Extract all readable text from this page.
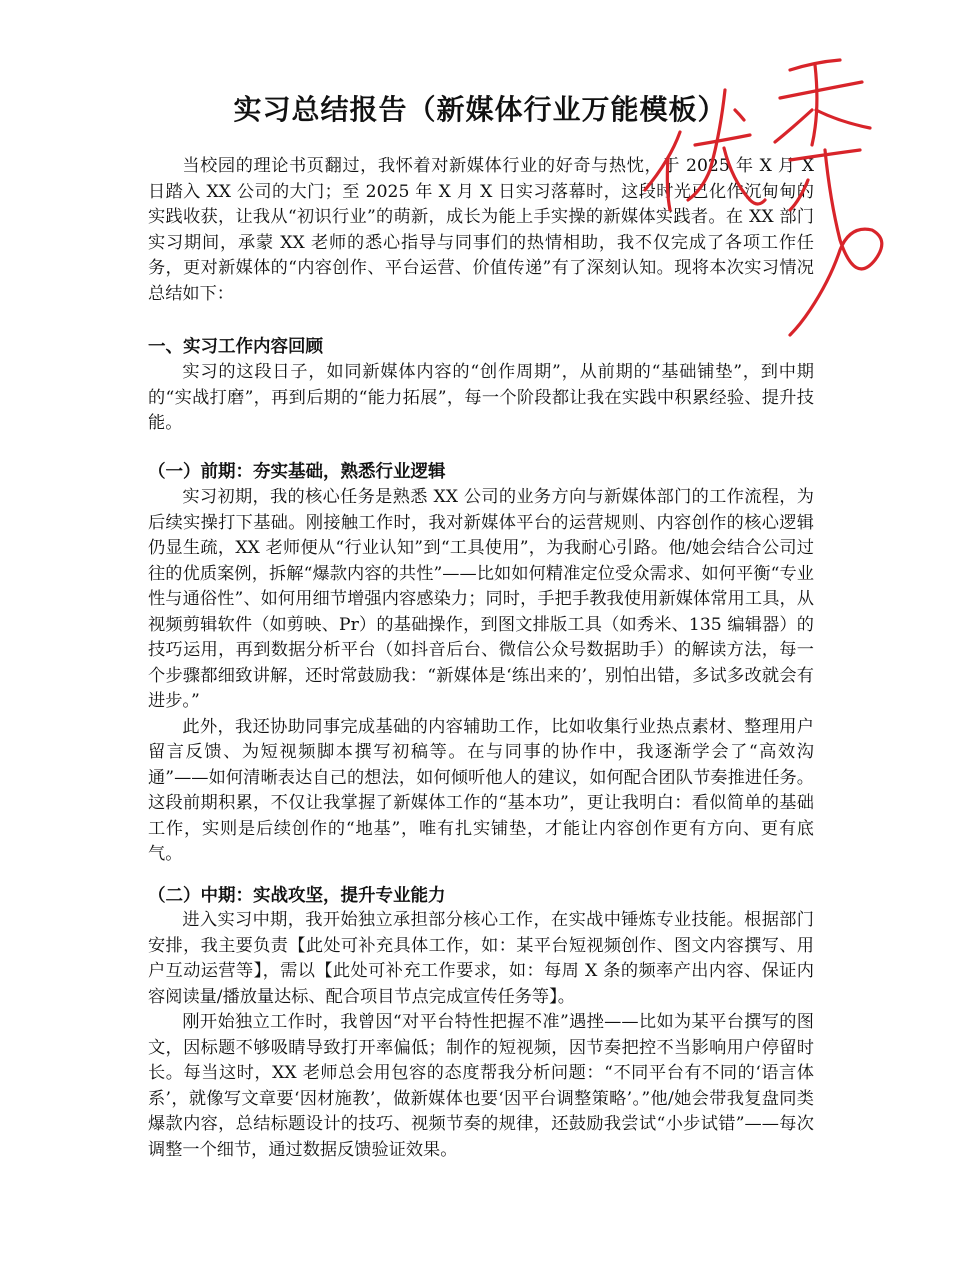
实习总结报告（新媒体行业万能模板）

当校园的理论书页翻过，我怀着对新媒体行业的好奇与热忱，于 2025 年 X 月 X 日踏入 XX 公司的大门；至 2025 年 X 月 X 日实习落幕时，这段时光已化作沉甸甸的实践收获，让我从“初识行业”的萌新，成长为能上手实操的新媒体实践者。在 XX 部门实习期间，承蒙 XX 老师的悉心指导与同事们的热情相助，我不仅完成了各项工作任务，更对新媒体的“内容创作、平台运营、价值传递”有了深刻认知。现将本次实习情况总结如下：

一、实习工作内容回顾

实习的这段日子，如同新媒体内容的“创作周期”，从前期的“基础铺垫”，到中期的“实战打磨”，再到后期的“能力拓展”，每一个阶段都让我在实践中积累经验、提升技能。

（一）前期：夯实基础，熟悉行业逻辑

实习初期，我的核心任务是熟悉 XX 公司的业务方向与新媒体部门的工作流程，为后续实操打下基础。刚接触工作时，我对新媒体平台的运营规则、内容创作的核心逻辑仍显生疏，XX 老师便从“行业认知”到“工具使用”，为我耐心引路。他/她会结合公司过往的优质案例，拆解“爆款内容的共性”——比如如何精准定位受众需求、如何平衡“专业性与通俗性”、如何用细节增强内容感染力；同时，手把手教我使用新媒体常用工具，从视频剪辑软件（如剪映、Pr）的基础操作，到图文排版工具（如秀米、135 编辑器）的技巧运用，再到数据分析平台（如抖音后台、微信公众号数据助手）的解读方法，每一个步骤都细致讲解，还时常鼓励我：“新媒体是‘练出来的’，别怕出错，多试多改就会有进步。”

此外，我还协助同事完成基础的内容辅助工作，比如收集行业热点素材、整理用户留言反馈、为短视频脚本撰写初稿等。在与同事的协作中，我逐渐学会了“高效沟通”——如何清晰表达自己的想法，如何倾听他人的建议，如何配合团队节奏推进任务。这段前期积累，不仅让我掌握了新媒体工作的“基本功”，更让我明白：看似简单的基础工作，实则是后续创作的“地基”，唯有扎实铺垫，才能让内容创作更有方向、更有底气。

（二）中期：实战攻坚，提升专业能力

进入实习中期，我开始独立承担部分核心工作，在实战中锤炼专业技能。根据部门安排，我主要负责【此处可补充具体工作，如：某平台短视频创作、图文内容撰写、用户互动运营等】，需以【此处可补充工作要求，如：每周 X 条的频率产出内容、保证内容阅读量/播放量达标、配合项目节点完成宣传任务等】。

刚开始独立工作时，我曾因“对平台特性把握不准”遇挫——比如为某平台撰写的图文，因标题不够吸睛导致打开率偏低；制作的短视频，因节奏把控不当影响用户停留时长。每当这时，XX 老师总会用包容的态度帮我分析问题：“不同平台有不同的‘语言体系’，就像写文章要‘因材施教’，做新媒体也要‘因平台调整策略’。”他/她会带我复盘同类爆款内容，总结标题设计的技巧、视频节奏的规律，还鼓励我尝试“小步试错”——每次调整一个细节，通过数据反馈验证效果。
